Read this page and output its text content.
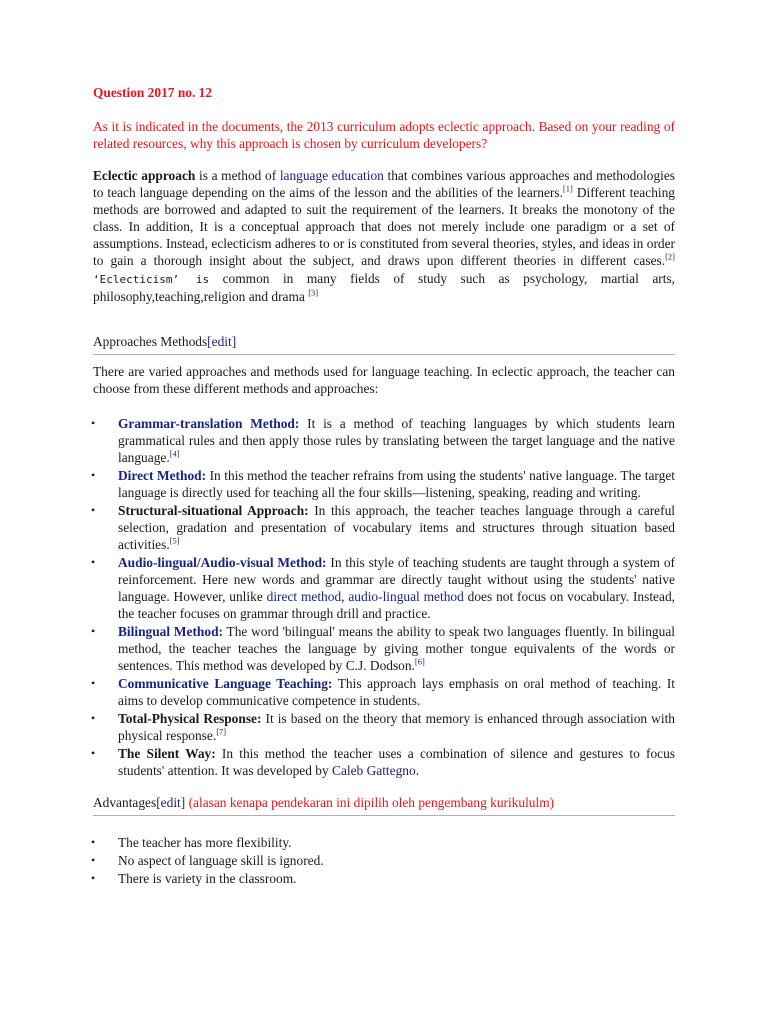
Question 2017 no. 12
As it is indicated in the documents, the 2013 curriculum adopts eclectic approach. Based on your reading of related resources, why this approach is chosen by curriculum developers?

Eclectic approach is a method of language education that combines various approaches and methodologies to teach language depending on the aims of the lesson and the abilities of the learners.[1] Different teaching methods are borrowed and adapted to suit the requirement of the learners. It breaks the monotony of the class. In addition, It is a conceptual approach that does not merely include one paradigm or a set of assumptions. Instead, eclecticism adheres to or is constituted from several theories, styles, and ideas in order to gain a thorough insight about the subject, and draws upon different theories in different cases.[2] ‘Eclecticism’ is common in many fields of study such as psychology, martial arts, philosophy,teaching,religion and drama [3]

Approaches Methods[edit]

There are varied approaches and methods used for language teaching. In eclectic approach, the teacher can choose from these different methods and approaches:

• Grammar-translation Method: It is a method of teaching languages by which students learn grammatical rules and then apply those rules by translating between the target language and the native language.[4]
• Direct Method: In this method the teacher refrains from using the students' native language. The target language is directly used for teaching all the four skills—listening, speaking, reading and writing.
• Structural-situational Approach: In this approach, the teacher teaches language through a careful selection, gradation and presentation of vocabulary items and structures through situation based activities.[5]
• Audio-lingual/Audio-visual Method: In this style of teaching students are taught through a system of reinforcement. Here new words and grammar are directly taught without using the students' native language. However, unlike direct method, audio-lingual method does not focus on vocabulary. Instead, the teacher focuses on grammar through drill and practice.
• Bilingual Method: The word 'bilingual' means the ability to speak two languages fluently. In bilingual method, the teacher teaches the language by giving mother tongue equivalents of the words or sentences. This method was developed by C.J. Dodson.[6]
• Communicative Language Teaching: This approach lays emphasis on oral method of teaching. It aims to develop communicative competence in students.
• Total-Physical Response: It is based on the theory that memory is enhanced through association with physical response.[7]
• The Silent Way: In this method the teacher uses a combination of silence and gestures to focus students' attention. It was developed by Caleb Gattegno.
Advantages[edit] (alasan kenapa pendekaran ini dipilih oleh pengembang kurikululm)
• The teacher has more flexibility.
• No aspect of language skill is ignored.
• There is variety in the classroom.
